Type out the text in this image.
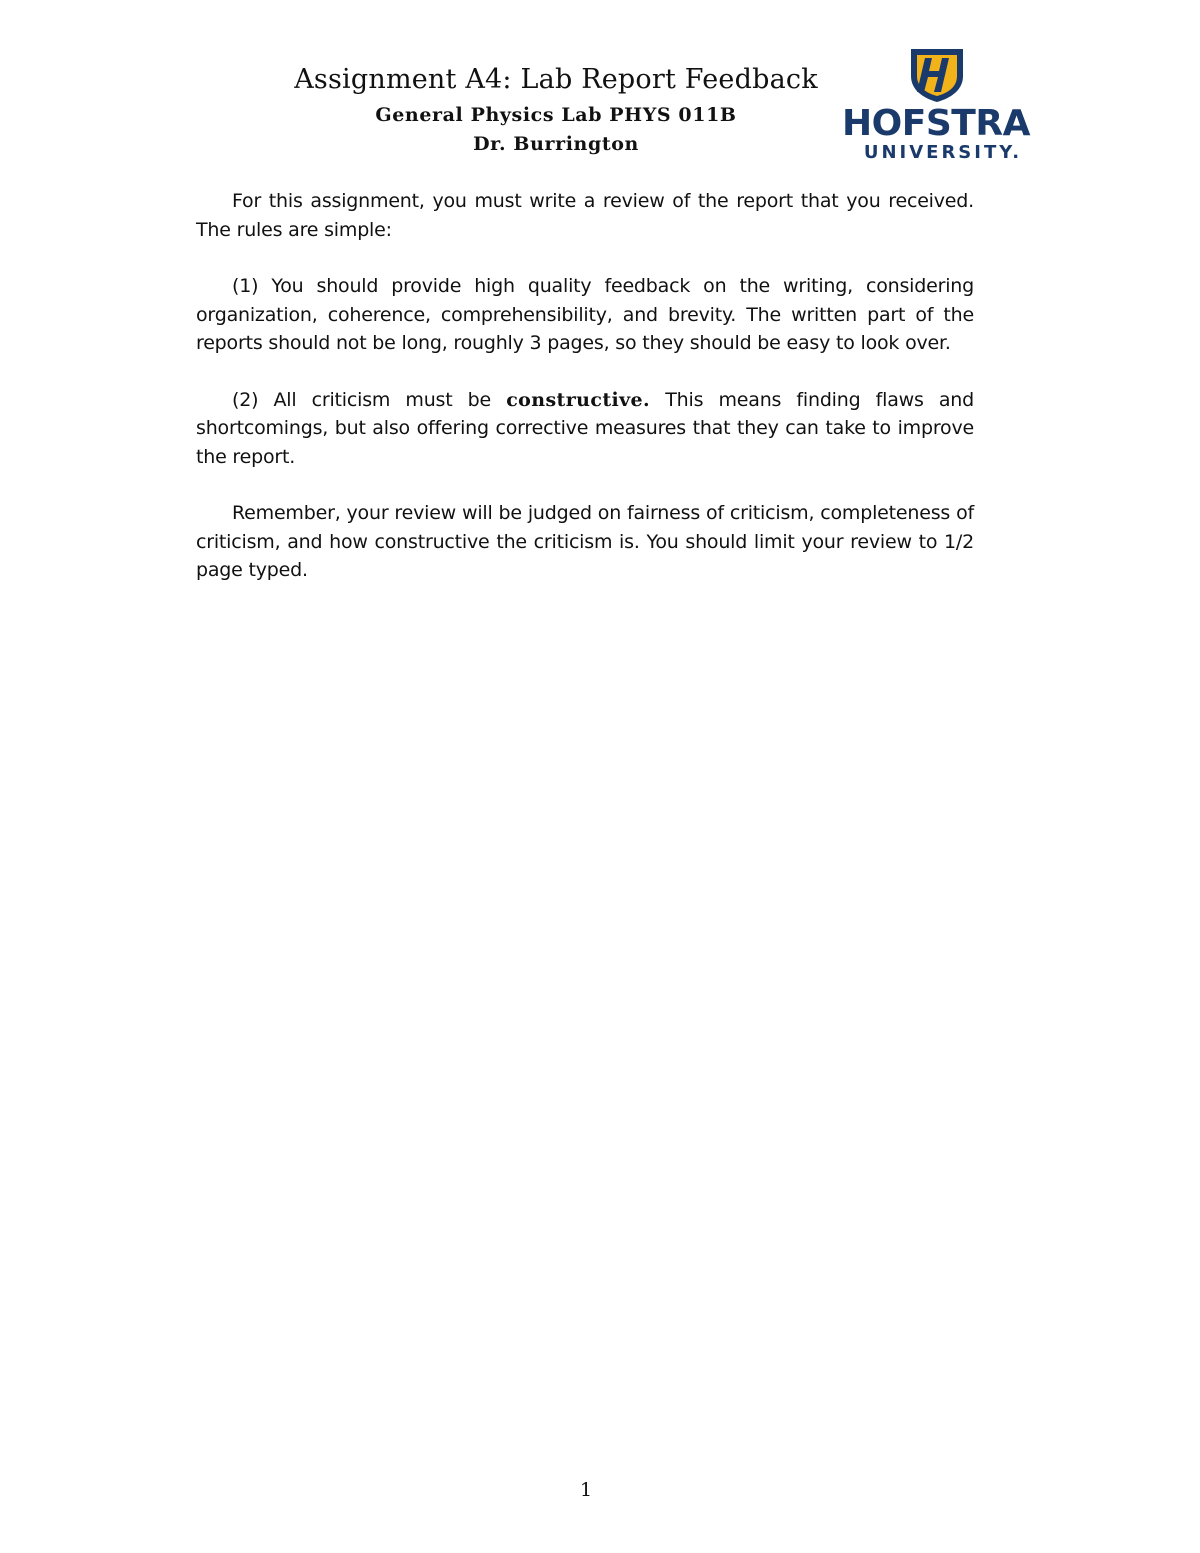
Assignment A4: Lab Report Feedback
General Physics Lab PHYS 011B
Dr. Burrington	HOFSTRA
UNIVERSITY.

For this assignment, you must write a review of the report that you received. The rules are simple:

(1) You should provide high quality feedback on the writing, considering organization, coherence, comprehensibility, and brevity. The written part of the reports should not be long, roughly 3 pages, so they should be easy to look over.

(2) All criticism must be constructive. This means finding flaws and shortcomings, but also offering corrective measures that they can take to improve the report.

Remember, your review will be judged on fairness of criticism, completeness of criticism, and how constructive the criticism is. You should limit your review to 1/2 page typed.

1
